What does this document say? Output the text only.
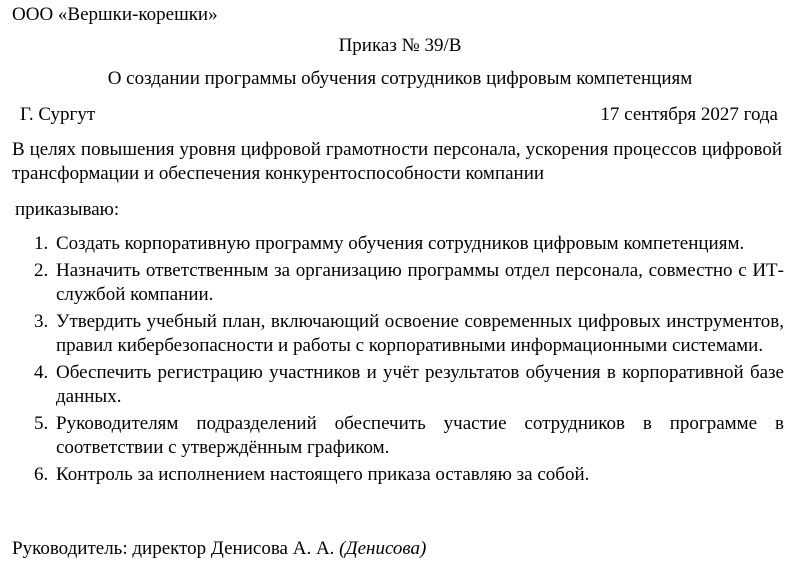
ООО «Вершки-корешки»
Приказ № 39/В
О создании программы обучения сотрудников цифровым компетенциям
Г. Сургут	17 сентября 2027 года
В целях повышения уровня цифровой грамотности персонала, ускорения процессов цифровой трансформации и обеспечения конкурентоспособности компании
приказываю:
1. Создать корпоративную программу обучения сотрудников цифровым компетенциям.
2. Назначить ответственным за организацию программы отдел персонала, совместно с ИТ-службой компании.
3. Утвердить учебный план, включающий освоение современных цифровых инструментов, правил кибербезопасности и работы с корпоративными информационными системами.
4. Обеспечить регистрацию участников и учёт результатов обучения в корпоративной базе данных.
5. Руководителям подразделений обеспечить участие сотрудников в программе в соответствии с утверждённым графиком.
6. Контроль за исполнением настоящего приказа оставляю за собой.
Руководитель: директор Денисова А. А. (Денисова)
